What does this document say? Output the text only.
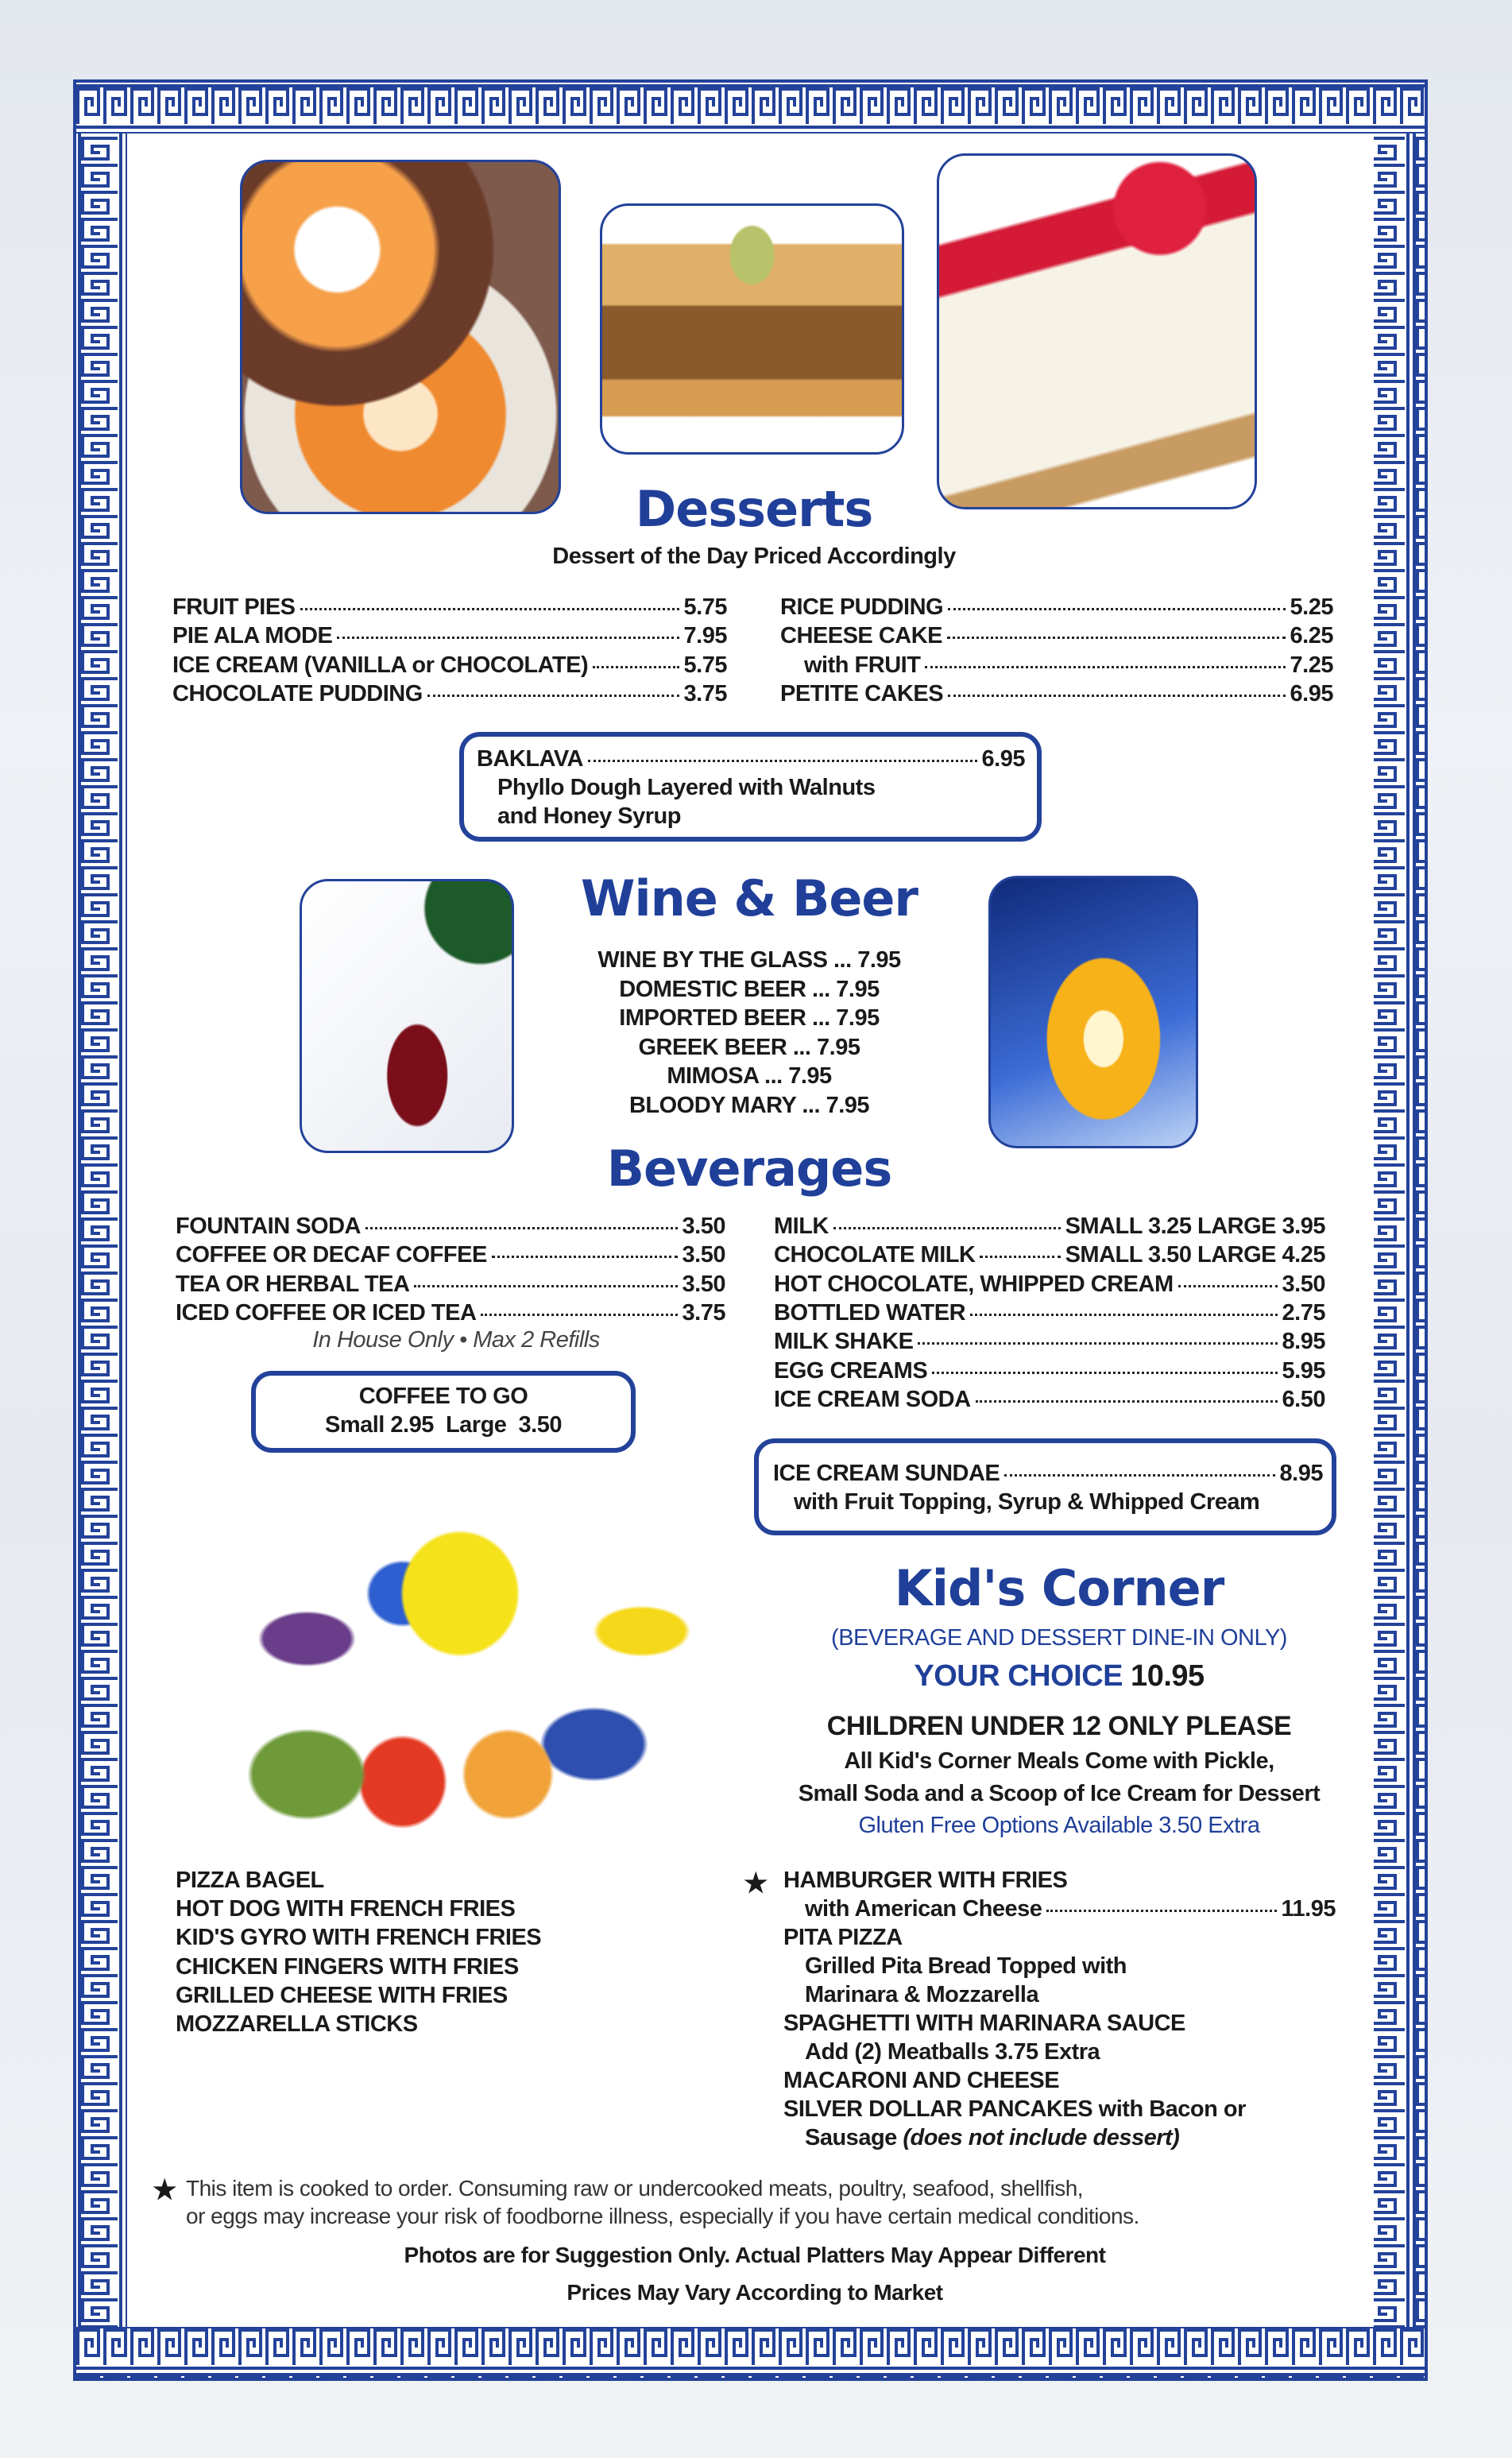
Desserts
Dessert of the Day Priced Accordingly
FRUIT PIES	5.75
PIE ALA MODE	7.95
ICE CREAM (VANILLA or CHOCOLATE)	5.75
CHOCOLATE PUDDING	3.75
RICE PUDDING	5.25
CHEESE CAKE	6.25
with FRUIT	7.25
PETITE CAKES	6.95
BAKLAVA	6.95
Phyllo Dough Layered with Walnuts
and Honey Syrup
Wine & Beer
WINE BY THE GLASS ... 7.95
DOMESTIC BEER ... 7.95
IMPORTED BEER ... 7.95
GREEK BEER ... 7.95
MIMOSA ... 7.95
BLOODY MARY ... 7.95
Beverages
FOUNTAIN SODA	3.50
COFFEE OR DECAF COFFEE	3.50
TEA OR HERBAL TEA	3.50
ICED COFFEE OR ICED TEA	3.75
In House Only • Max 2 Refills
MILK	SMALL 3.25 LARGE 3.95
CHOCOLATE MILK	SMALL 3.50 LARGE 4.25
HOT CHOCOLATE, WHIPPED CREAM	3.50
BOTTLED WATER	2.75
MILK SHAKE	8.95
EGG CREAMS	5.95
ICE CREAM SODA	6.50
COFFEE TO GO
Small 2.95  Large  3.50
ICE CREAM SUNDAE	8.95
with Fruit Topping, Syrup & Whipped Cream
Kid's Corner
(BEVERAGE AND DESSERT DINE-IN ONLY)
YOUR CHOICE 10.95
CHILDREN UNDER 12 ONLY PLEASE
All Kid's Corner Meals Come with Pickle,
Small Soda and a Scoop of Ice Cream for Dessert
Gluten Free Options Available 3.50 Extra
PIZZA BAGEL
HOT DOG WITH FRENCH FRIES
KID'S GYRO WITH FRENCH FRIES
CHICKEN FINGERS WITH FRIES
GRILLED CHEESE WITH FRIES
MOZZARELLA STICKS
★ HAMBURGER WITH FRIES
with American Cheese	11.95
PITA PIZZA
Grilled Pita Bread Topped with
Marinara & Mozzarella
SPAGHETTI WITH MARINARA SAUCE
Add (2) Meatballs 3.75 Extra
MACARONI AND CHEESE
SILVER DOLLAR PANCAKES with Bacon or
Sausage (does not include dessert)
★ This item is cooked to order. Consuming raw or undercooked meats, poultry, seafood, shellfish,
or eggs may increase your risk of foodborne illness, especially if you have certain medical conditions.
Photos are for Suggestion Only. Actual Platters May Appear Different
Prices May Vary According to Market
